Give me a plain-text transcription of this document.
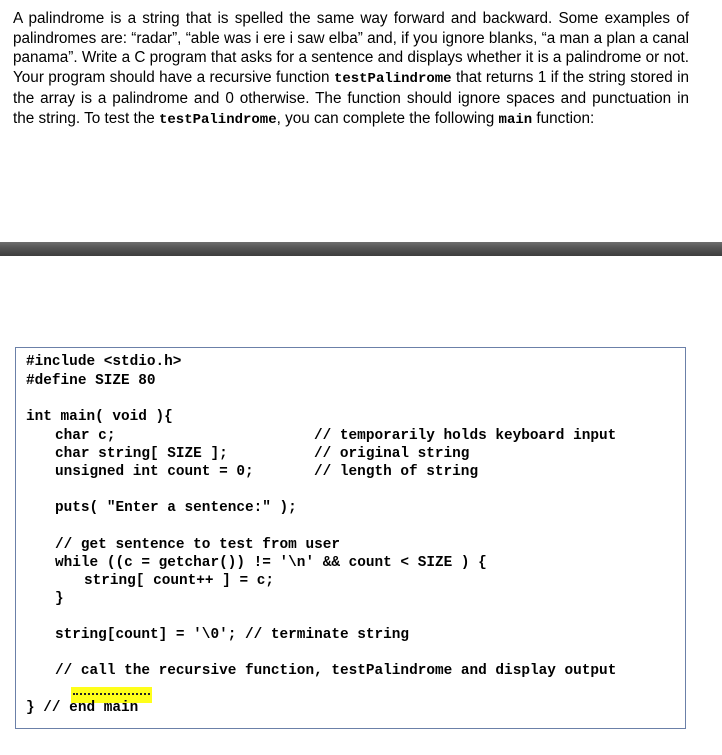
A palindrome is a string that is spelled the same way forward and backward. Some examples of palindromes are: “radar”, “able was i ere i saw elba” and, if you ignore blanks, “a man a plan a canal panama”. Write a C program that asks for a sentence and displays whether it is a palindrome or not. Your program should have a recursive function testPalindrome that returns 1 if the string stored in the array is a palindrome and 0 otherwise. The function should ignore spaces and punctuation in the string. To test the testPalindrome, you can complete the following main function:

#include <stdio.h>
#define SIZE 80
int main( void ){
char c;	// temporarily holds keyboard input
char string[ SIZE ];	// original string
unsigned int count = 0;	// length of string
puts( "Enter a sentence:" );
// get sentence to test from user
while ((c = getchar()) != '\n' && count < SIZE ) {
string[ count++ ] = c;
}
string[count] = '\0'; // terminate string
// call the recursive function, testPalindrome and display output
} // end main
